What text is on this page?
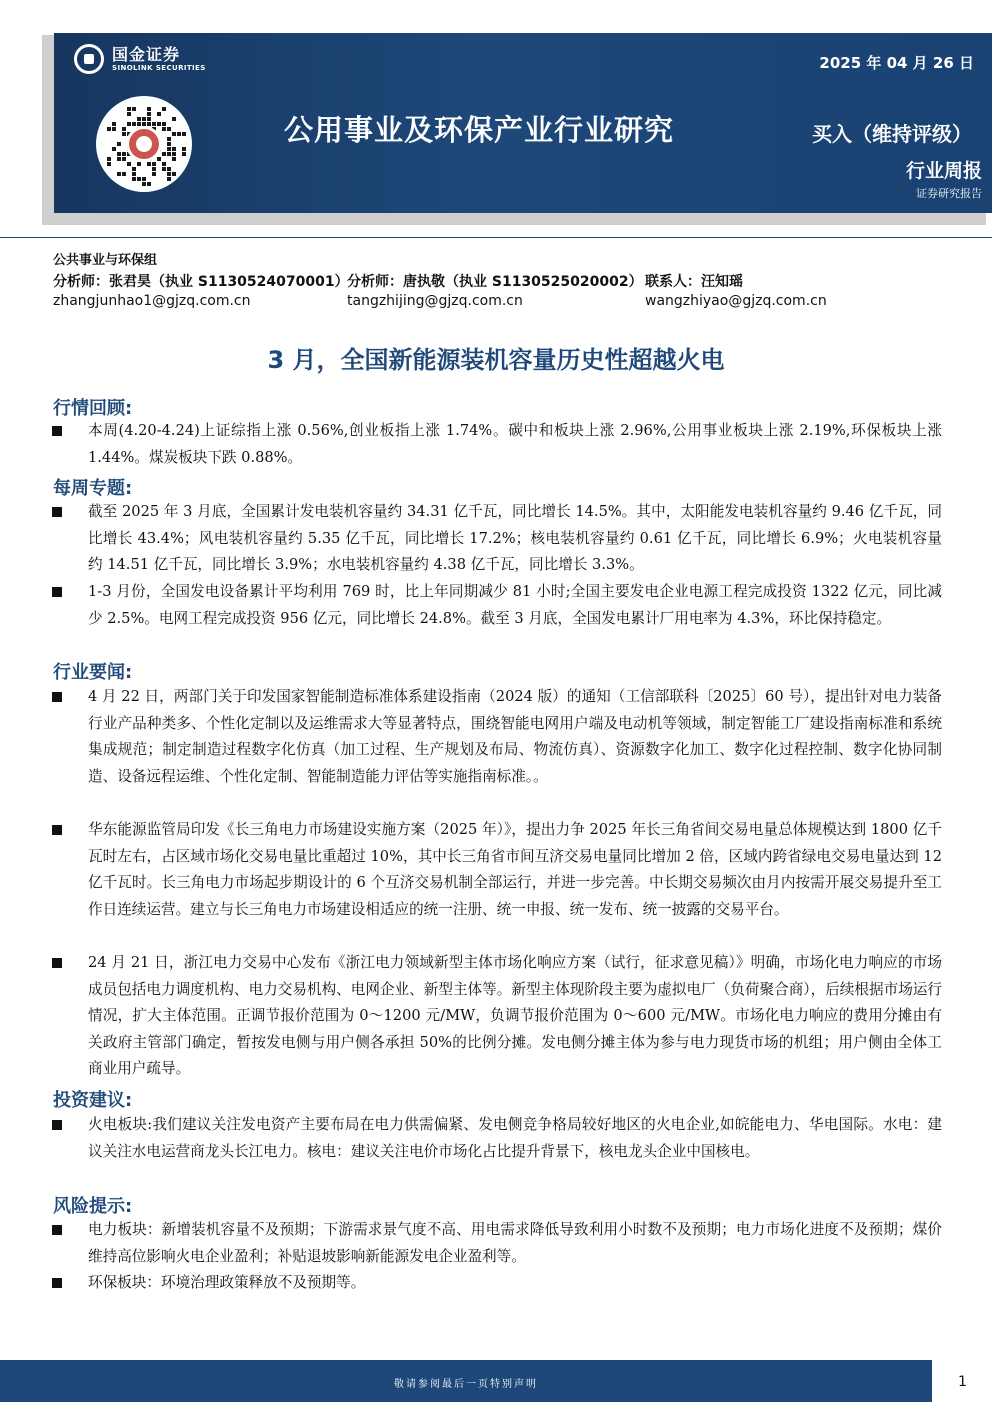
国金证券
SINOLINK SECURITIES	2025 年 04 月 26 日
公用事业及环保产业行业研究	买入（维持评级）
行业周报
证券研究报告
公共事业与环保组
分析师：张君昊（执业 S1130524070001）
分析师：唐执敬（执业 S1130525020002） 联系人：汪知瑶
zhangjunhao1@gjzq.com.cn	tangzhijing@gjzq.com.cn	wangzhiyao@gjzq.com.cn
3 月，全国新能源装机容量历史性超越火电
行情回顾:
本周(4.20-4.24)上证综指上涨 0.56%,创业板指上涨 1.74%。碳中和板块上涨 2.96%,公用事业板块上涨 2.19%,环保板块上涨 1.44%。煤炭板块下跌 0.88%。
每周专题:
截至 2025 年 3 月底，全国累计发电装机容量约 34.31 亿千瓦，同比增长 14.5%。其中，太阳能发电装机容量约 9.46 亿千瓦，同比增长 43.4%；风电装机容量约 5.35 亿千瓦，同比增长 17.2%；核电装机容量约 0.61 亿千瓦，同比增长 6.9%；火电装机容量约 14.51 亿千瓦，同比增长 3.9%；水电装机容量约 4.38 亿千瓦，同比增长 3.3%。
1-3 月份，全国发电设备累计平均利用 769 时，比上年同期减少 81 小时;全国主要发电企业电源工程完成投资 1322 亿元，同比减少 2.5%。电网工程完成投资 956 亿元，同比增长 24.8%。截至 3 月底，全国发电累计厂用电率为 4.3%，环比保持稳定。
行业要闻:
4 月 22 日，两部门关于印发国家智能制造标准体系建设指南（2024 版）的通知（工信部联科〔2025〕60 号），提出针对电力装备行业产品种类多、个性化定制以及运维需求大等显著特点，围绕智能电网用户端及电动机等领域，制定智能工厂建设指南标准和系统集成规范；制定制造过程数字化仿真（加工过程、生产规划及布局、物流仿真）、资源数字化加工、数字化过程控制、数字化协同制造、设备远程运维、个性化定制、智能制造能力评估等实施指南标准。。
华东能源监管局印发《长三角电力市场建设实施方案（2025 年）》，提出力争 2025 年长三角省间交易电量总体规模达到 1800 亿千瓦时左右，占区域市场化交易电量比重超过 10%，其中长三角省市间互济交易电量同比增加 2 倍，区域内跨省绿电交易电量达到 12 亿千瓦时。长三角电力市场起步期设计的 6 个互济交易机制全部运行，并进一步完善。中长期交易频次由月内按需开展交易提升至工作日连续运营。建立与长三角电力市场建设相适应的统一注册、统一申报、统一发布、统一披露的交易平台。
24 月 21 日，浙江电力交易中心发布《浙江电力领域新型主体市场化响应方案（试行，征求意见稿）》明确，市场化电力响应的市场成员包括电力调度机构、电力交易机构、电网企业、新型主体等。新型主体现阶段主要为虚拟电厂（负荷聚合商），后续根据市场运行情况，扩大主体范围。正调节报价范围为 0～1200 元/MW，负调节报价范围为 0～600 元/MW。市场化电力响应的费用分摊由有关政府主管部门确定，暂按发电侧与用户侧各承担 50%的比例分摊。发电侧分摊主体为参与电力现货市场的机组；用户侧由全体工商业用户疏导。
投资建议:
火电板块:我们建议关注发电资产主要布局在电力供需偏紧、发电侧竞争格局较好地区的火电企业,如皖能电力、华电国际。水电：建议关注水电运营商龙头长江电力。核电：建议关注电价市场化占比提升背景下，核电龙头企业中国核电。
风险提示:
电力板块：新增装机容量不及预期；下游需求景气度不高、用电需求降低导致利用小时数不及预期；电力市场化进度不及预期；煤价维持高位影响火电企业盈利；补贴退坡影响新能源发电企业盈利等。
环保板块：环境治理政策释放不及预期等。
敬请参阅最后一页特别声明	1
